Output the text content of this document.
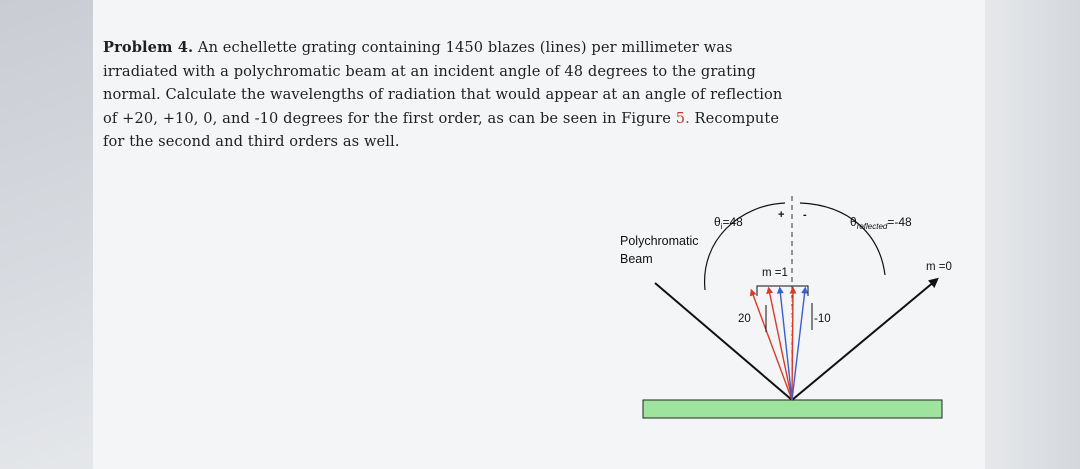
Problem 4. An echellette grating containing 1450 blazes (lines) per millimeter was irradiated with a polychromatic beam at an incident angle of 48 degrees to the grating normal. Calculate the wavelengths of radiation that would appear at an angle of reflection of +20, +10, 0, and -10 degrees for the first order, as can be seen in Figure 5. Recompute for the second and third orders as well.
$\theta_i=48$	+ -	$\theta_{reflected}=-48$
Polychromatic
Beam
m =1	m =0
20	-10
